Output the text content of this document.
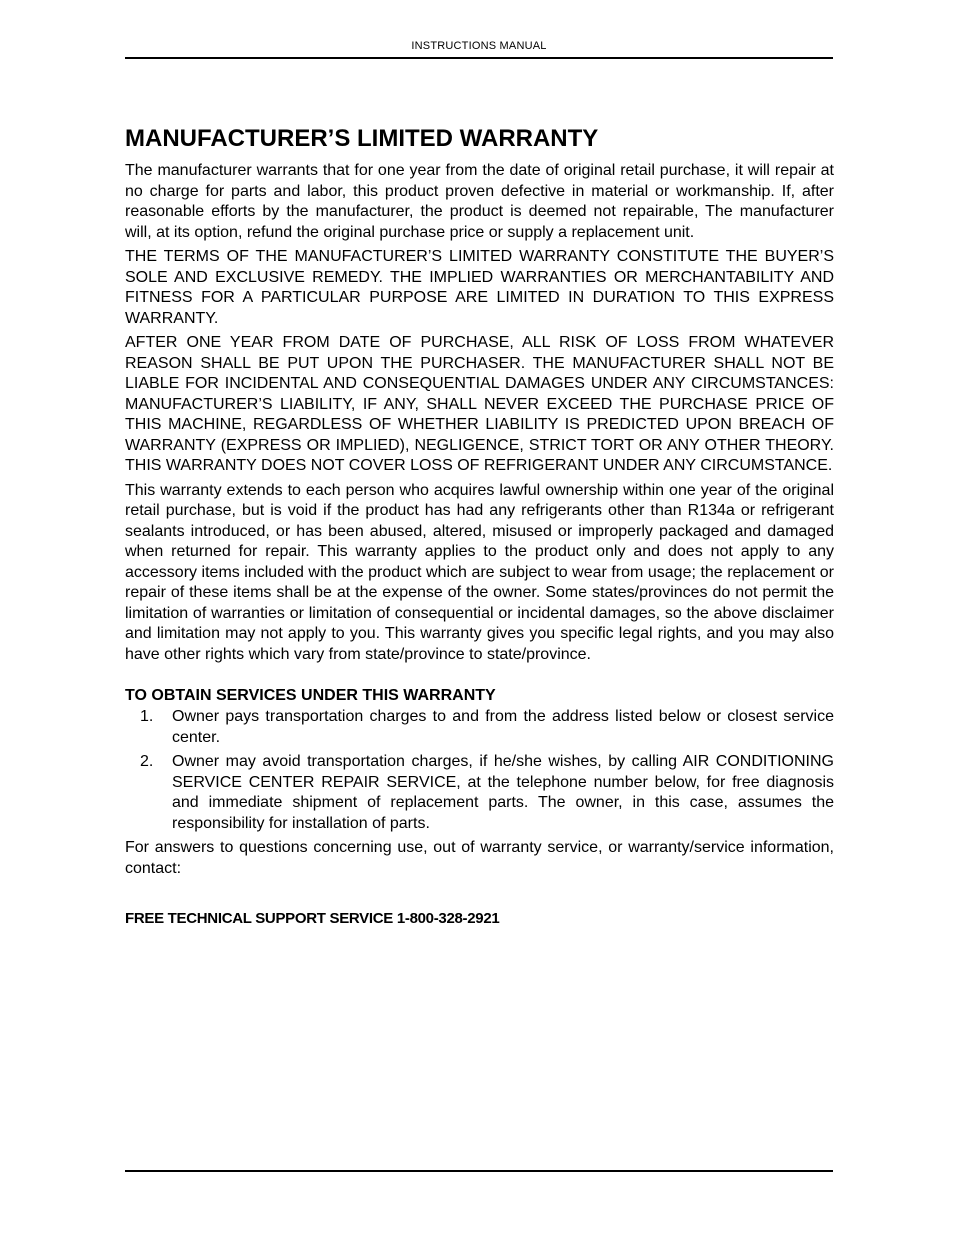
INSTRUCTIONS MANUAL
MANUFACTURER’S LIMITED WARRANTY

The manufacturer warrants that for one year from the date of original retail purchase, it will repair at no charge for parts and labor, this product proven defective in material or workmanship. If, after reasonable efforts by the manufacturer, the product is deemed not repairable, The manufacturer will, at its option, refund the original purchase price or supply a replacement unit.

THE TERMS OF THE MANUFACTURER’S LIMITED WARRANTY CONSTITUTE THE BUYER’S SOLE AND EXCLUSIVE REMEDY. THE IMPLIED WARRANTIES OR MERCHANTABILITY AND FITNESS FOR A PARTICULAR PURPOSE ARE LIMITED IN DURATION TO THIS EXPRESS WARRANTY.

AFTER ONE YEAR FROM DATE OF PURCHASE, ALL RISK OF LOSS FROM WHATEVER REASON SHALL BE PUT UPON THE PURCHASER. THE MANUFACTURER SHALL NOT BE LIABLE FOR INCIDENTAL AND CONSEQUENTIAL DAMAGES UNDER ANY CIRCUMSTANCES: MANUFACTURER’S LIABILITY, IF ANY, SHALL NEVER EXCEED THE PURCHASE PRICE OF THIS MACHINE, REGARDLESS OF WHETHER LIABILITY IS PREDICTED UPON BREACH OF WARRANTY (EXPRESS OR IMPLIED), NEGLIGENCE, STRICT TORT OR ANY OTHER THEORY. THIS WARRANTY DOES NOT COVER LOSS OF REFRIGERANT UNDER ANY CIRCUMSTANCE.

This warranty extends to each person who acquires lawful ownership within one year of the original retail purchase, but is void if the product has had any refrigerants other than R134a or refrigerant sealants introduced, or has been abused, altered, misused or improperly packaged and damaged when returned for repair. This warranty applies to the product only and does not apply to any accessory items included with the product which are subject to wear from usage; the replacement or repair of these items shall be at the expense of the owner. Some states/provinces do not permit the limitation of warranties or limitation of consequential or incidental damages, so the above disclaimer and limitation may not apply to you. This warranty gives you specific legal rights, and you may also have other rights which vary from state/province to state/province.

TO OBTAIN SERVICES UNDER THIS WARRANTY
1. Owner pays transportation charges to and from the address listed below or closest service center.
2. Owner may avoid transportation charges, if he/she wishes, by calling AIR CONDITIONING SERVICE CENTER REPAIR SERVICE, at the telephone number below, for free diagnosis and immediate shipment of replacement parts. The owner, in this case, assumes the responsibility for installation of parts.

For answers to questions concerning use, out of warranty service, or warranty/service information, contact:

FREE TECHNICAL SUPPORT SERVICE 1-800-328-2921
